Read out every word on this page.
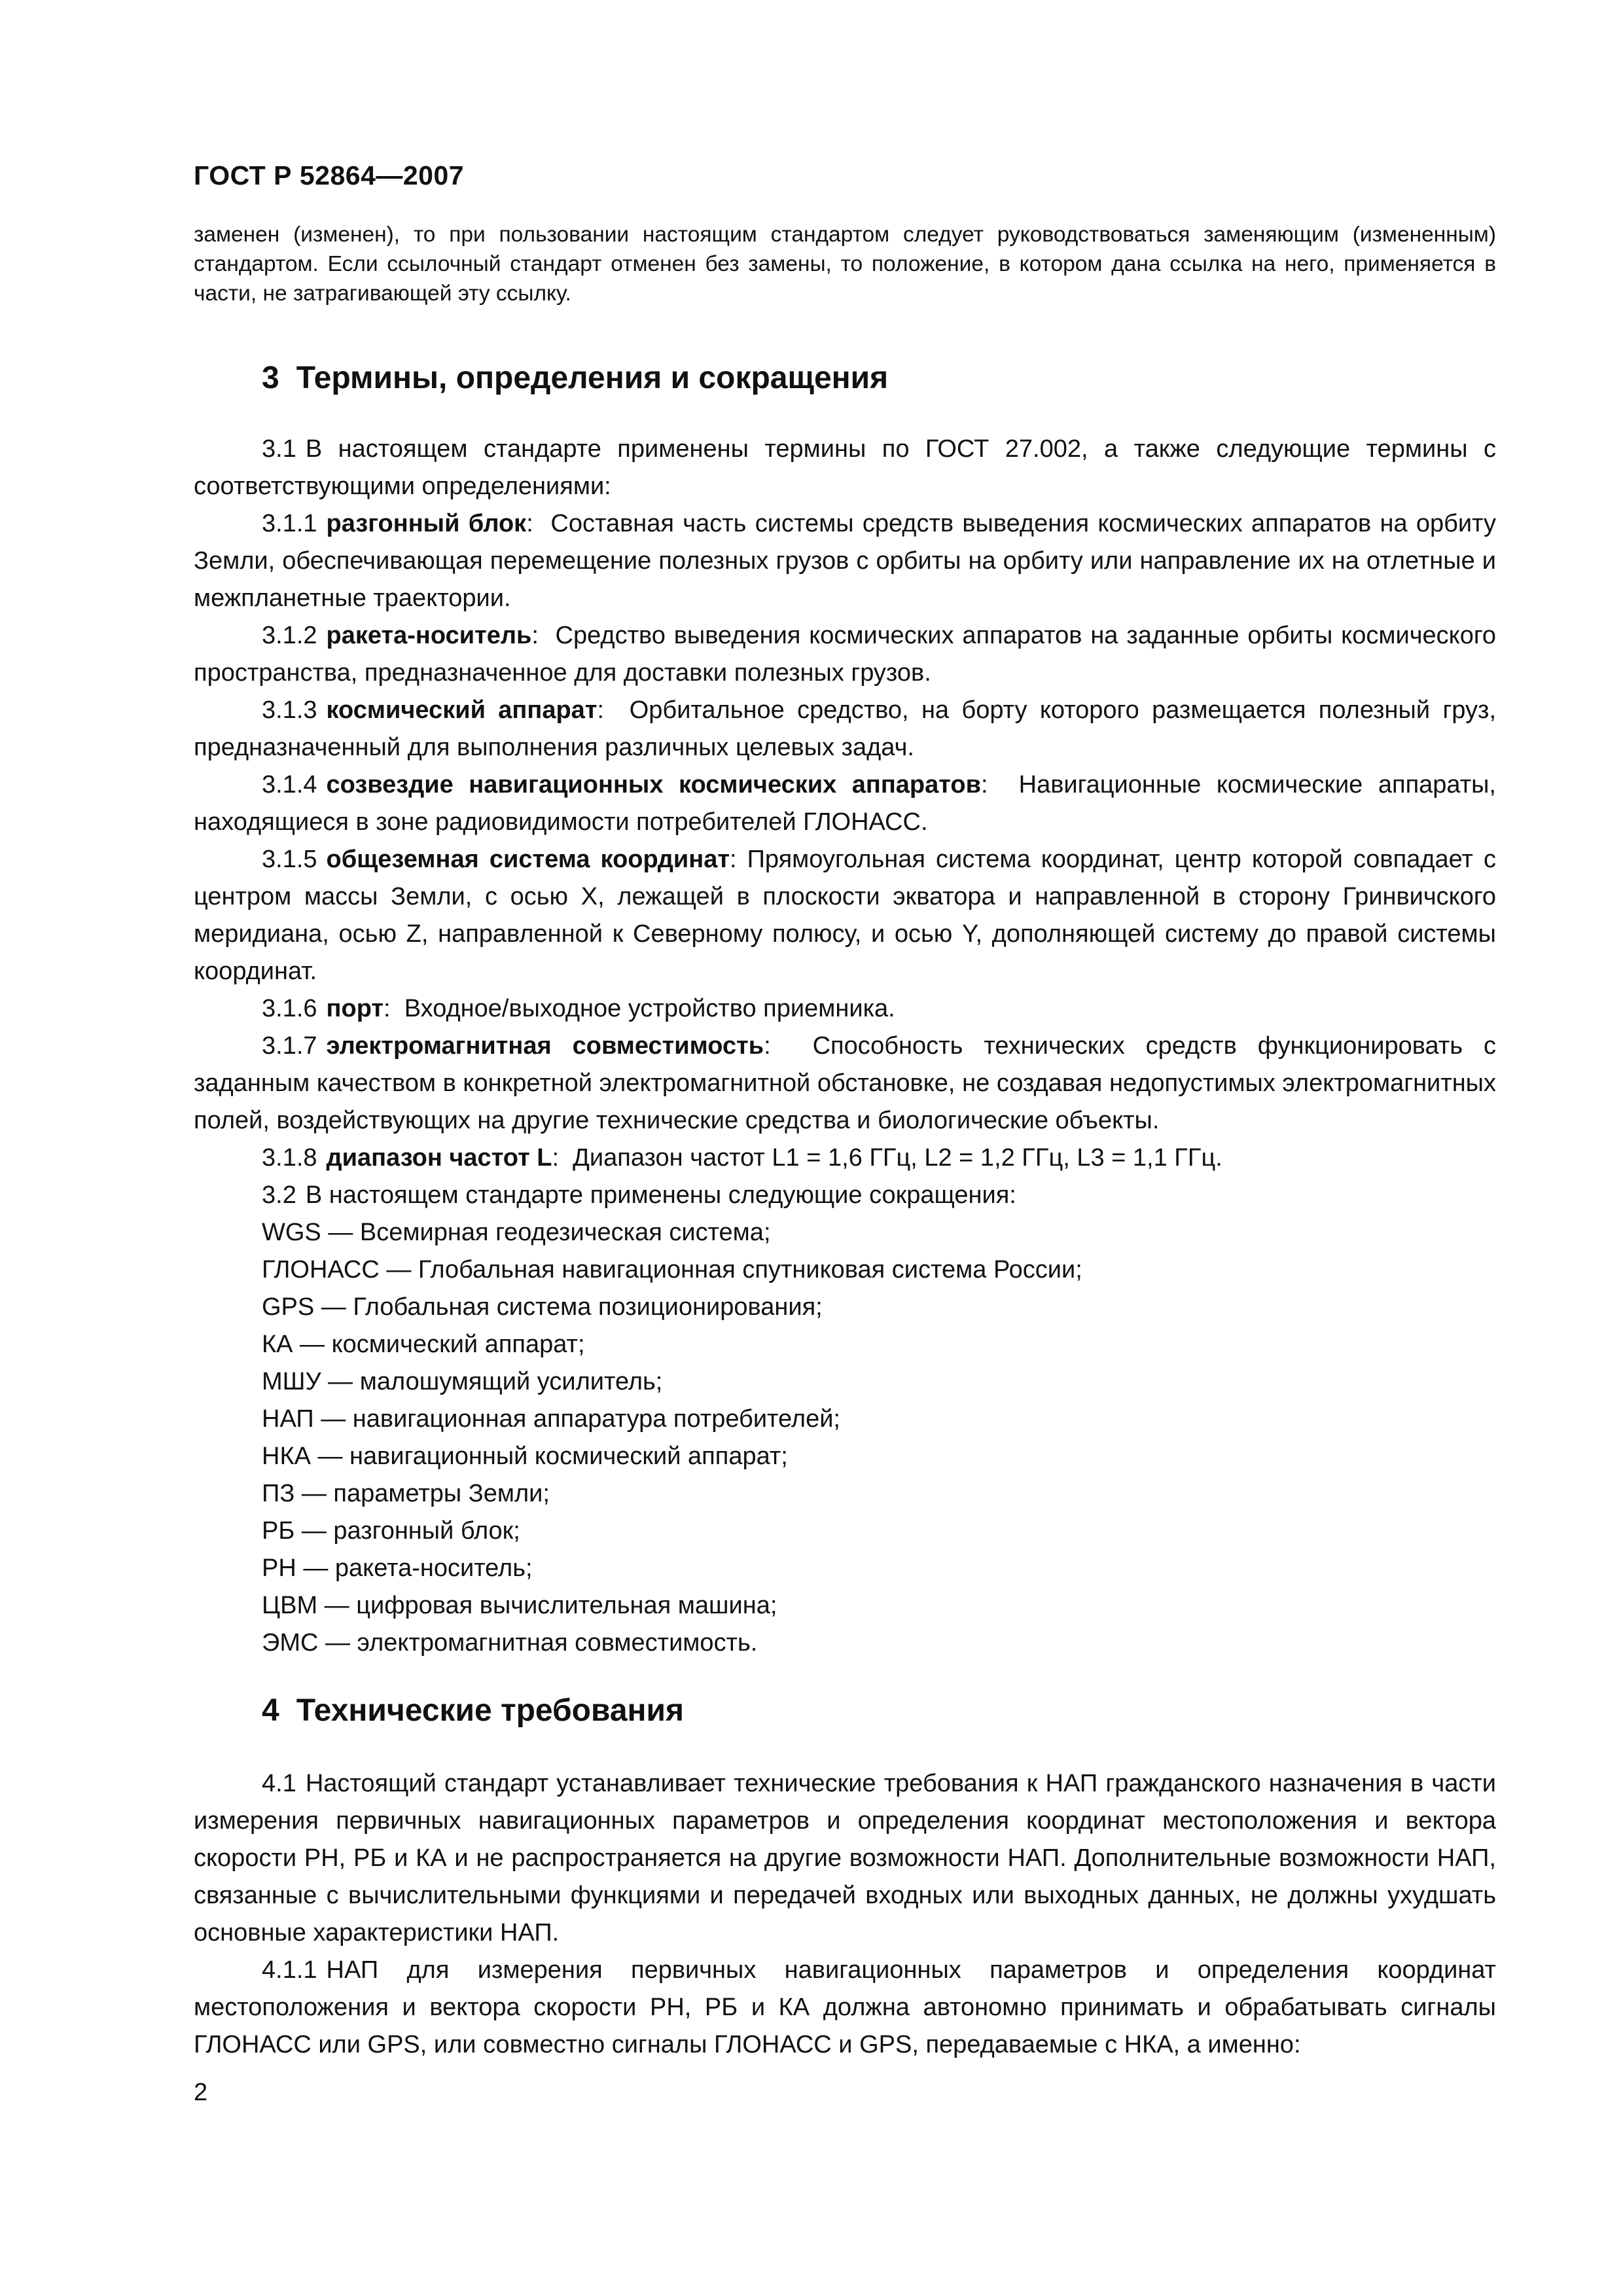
ГОСТ Р 52864—2007

заменен (изменен), то при пользовании настоящим стандартом следует руководствоваться заменяющим (измененным) стандартом. Если ссылочный стандарт отменен без замены, то положение, в котором дана ссылка на него, применяется в части, не затрагивающей эту ссылку.

3 Термины, определения и сокращения

3.1 В настоящем стандарте применены термины по ГОСТ 27.002, а также следующие термины с соответствующими определениями:

3.1.1 разгонный блок:  Составная часть системы средств выведения космических аппаратов на орбиту Земли, обеспечивающая перемещение полезных грузов с орбиты на орбиту или направление их на отлетные и межпланетные траектории.

3.1.2 ракета-носитель:  Средство выведения космических аппаратов на заданные орбиты космического пространства, предназначенное для доставки полезных грузов.

3.1.3 космический аппарат:  Орбитальное средство, на борту которого размещается полезный груз, предназначенный для выполнения различных целевых задач.

3.1.4 созвездие навигационных космических аппаратов:  Навигационные космические аппараты, находящиеся в зоне радиовидимости потребителей ГЛОНАСС.

3.1.5 общеземная система координат: Прямоугольная система координат, центр которой совпадает с центром массы Земли, с осью X, лежащей в плоскости экватора и направленной в сторону Гринвичского меридиана, осью Z, направленной к Северному полюсу, и осью Y, дополняющей систему до правой системы координат.

3.1.6 порт:  Входное/выходное устройство приемника.

3.1.7 электромагнитная совместимость:  Способность технических средств функционировать с заданным качеством в конкретной электромагнитной обстановке, не создавая недопустимых электромагнитных полей, воздействующих на другие технические средства и биологические объекты.

3.1.8 диапазон частот L:  Диапазон частот L1 = 1,6 ГГц, L2 = 1,2 ГГц, L3 = 1,1 ГГц.

3.2 В настоящем стандарте применены следующие сокращения:

WGS — Всемирная геодезическая система;

ГЛОНАСС — Глобальная навигационная спутниковая система России;

GPS — Глобальная система позиционирования;

КА — космический аппарат;

МШУ — малошумящий усилитель;

НАП — навигационная аппаратура потребителей;

НКА — навигационный космический аппарат;

ПЗ — параметры Земли;

РБ — разгонный блок;

РН — ракета-носитель;

ЦВМ — цифровая вычислительная машина;

ЭМС — электромагнитная совместимость.

4 Технические требования

4.1 Настоящий стандарт устанавливает технические требования к НАП гражданского назначения в части измерения первичных навигационных параметров и определения координат местоположения и вектора скорости РН, РБ и КА и не распространяется на другие возможности НАП. Дополнительные возможности НАП, связанные с вычислительными функциями и передачей входных или выходных данных, не должны ухудшать основные характеристики НАП.

4.1.1 НАП для измерения первичных навигационных параметров и определения координат местоположения и вектора скорости РН, РБ и КА должна автономно принимать и обрабатывать сигналы ГЛОНАСС или GPS, или совместно сигналы ГЛОНАСС и GPS, передаваемые с НКА, а именно:

2
